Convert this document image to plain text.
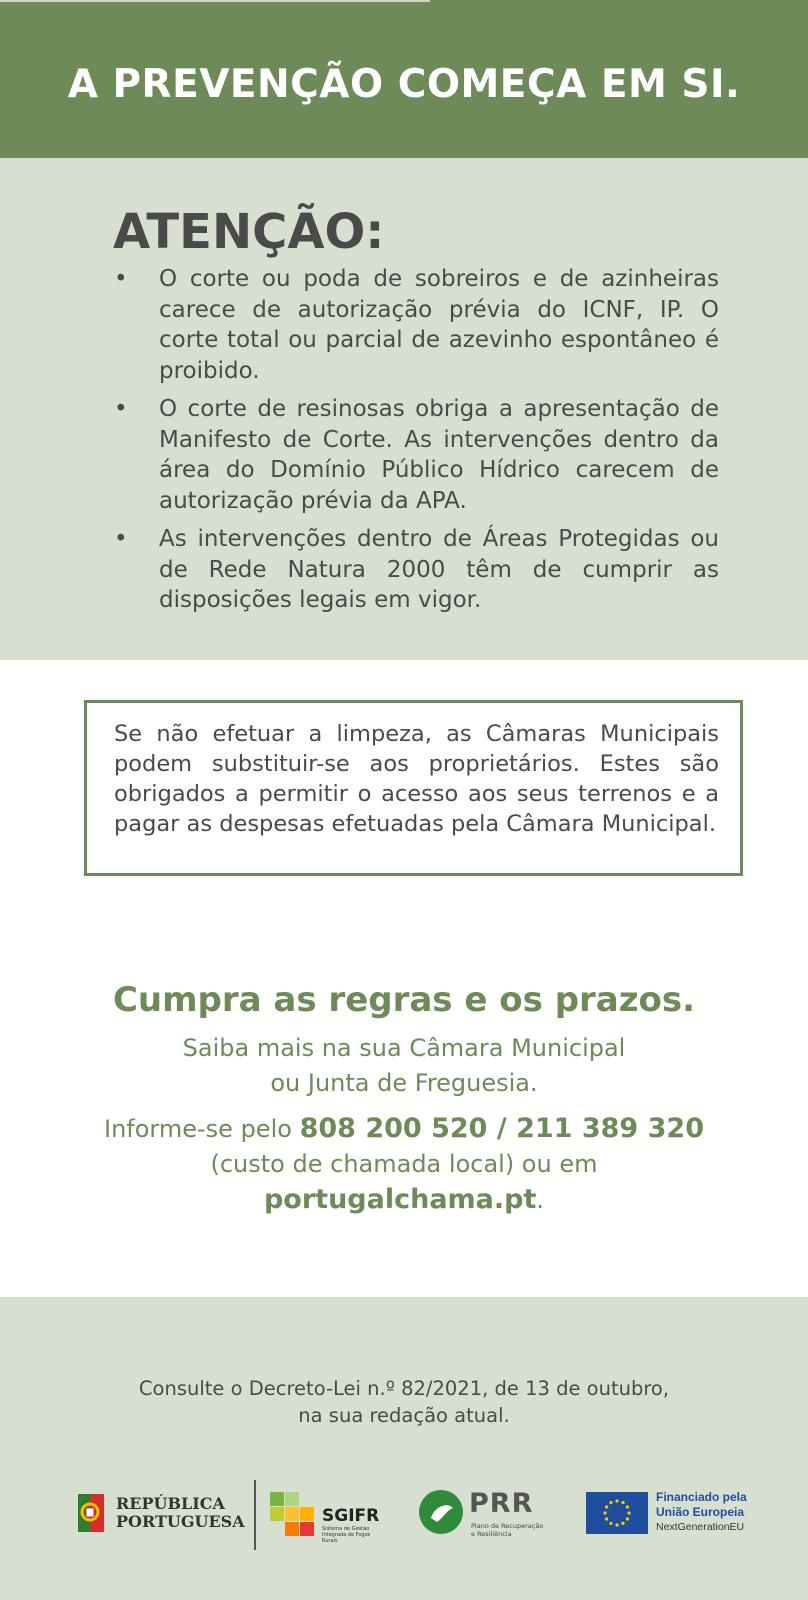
A PREVENÇÃO COMEÇA EM SI.
ATENÇÃO:
• O corte ou poda de sobreiros e de azinheiras carece de autorização prévia do ICNF, IP. O corte total ou parcial de azevinho espontâneo é proibido.
• O corte de resinosas obriga a apresentação de Manifesto de Corte. As intervenções dentro da área do Domínio Público Hídrico carecem de autorização prévia da APA.
• As intervenções dentro de Áreas Protegidas ou de Rede Natura 2000 têm de cumprir as disposições legais em vigor.

Se não efetuar a limpeza, as Câmaras Municipais podem substituir-se aos proprietários. Estes são obrigados a permitir o acesso aos seus terrenos e a pagar as despesas efetuadas pela Câmara Municipal.

Cumpra as regras e os prazos.
Saiba mais na sua Câmara Municipal
ou Junta de Freguesia.
Informe-se pelo 808 200 520 / 211 389 320
(custo de chamada local) ou em
portugalchama.pt.
Consulte o Decreto-Lei n.º 82/2021, de 13 de outubro,
na sua redação atual.
REPÚBLICA
PORTUGUESA	SGIFR
Sistema de Gestão Integrada de Fogos Rurais
PRR
Plano de Recuperação
e Resiliência
Financiado pela
União Europeia
NextGenerationEU
